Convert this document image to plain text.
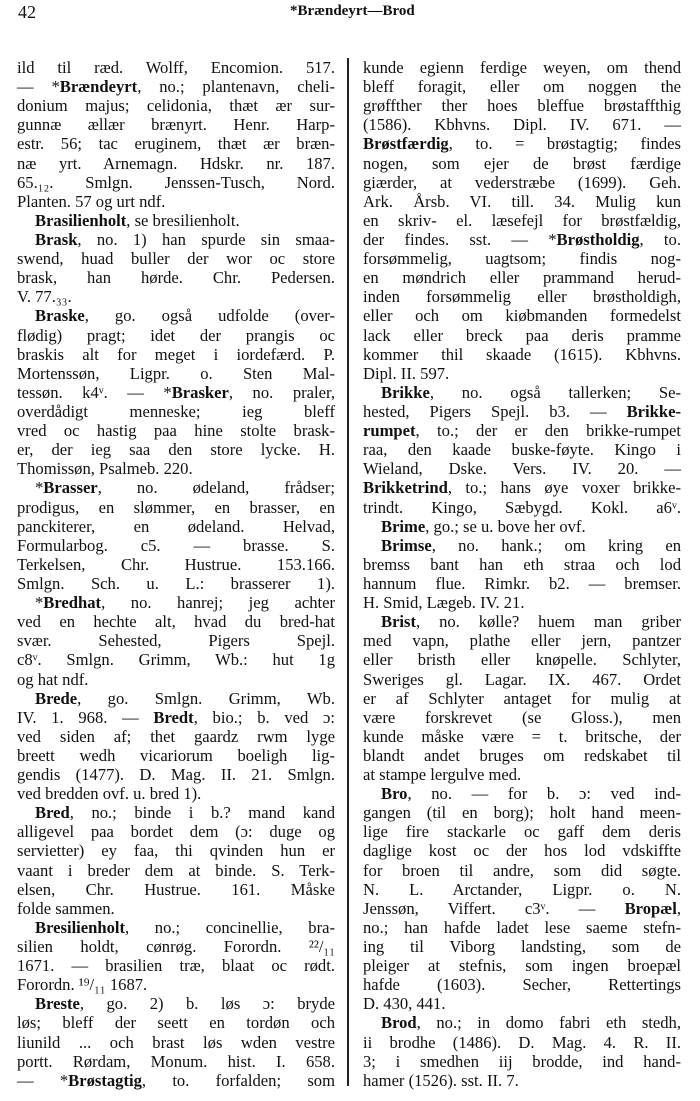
42	*Brændeyrt—Brod
ild til ræd. Wolff, Encomion. 517.
— *Brændeyrt, no.; plantenavn, cheli-
donium majus; celidonia, thæt ær sur-
gunnæ ællær brænyrt. Henr. Harp-
estr. 56; tac eruginem, thæt ær bræn-
næ yrt. Arnemagn. Hdskr. nr. 187.
65.₁₂. Smlgn. Jenssen-Tusch, Nord.
Planten. 57 og urt ndf.
Brasilienholt, se bresilienholt.
Brask, no. 1) han spurde sin smaa-
swend, huad buller der wor oc store
brask, han hørde. Chr. Pedersen.
V. 77.₃₃.
Braske, go. også udfolde (over-
flødig) pragt; idet der prangis oc
braskis alt for meget i iordefærd. P.
Mortenssøn, Ligpr. o. Sten Mal-
tessøn. k4ᵛ. — *Brasker, no. praler,
overdådigt menneske; ieg bleff
vred oc hastig paa hine stolte brask-
er, der ieg saa den store lycke. H.
Thomissøn, Psalmeb. 220.
*Brasser, no. ødeland, frådser;
prodigus, en slømmer, en brasser, en
panckiterer, en ødeland. Helvad,
Formularbog. c5. — brasse. S.
Terkelsen, Chr. Hustrue. 153.166.
Smlgn. Sch. u. L.: brasserer 1).
*Bredhat, no. hanrej; jeg achter
ved en hechte alt, hvad du bred-hat
svær. Sehested, Pigers Spejl.
c8ᵛ. Smlgn. Grimm, Wb.: hut 1g
og hat ndf.
Brede, go. Smlgn. Grimm, Wb.
IV. 1. 968. — Bredt, bio.; b. ved ɔ:
ved siden af; thet gaardz rwm lyge
breett wedh vicariorum boeligh lig-
gendis (1477). D. Mag. II. 21. Smlgn.
ved bredden ovf. u. bred 1).
Bred, no.; binde i b.? mand kand
alligevel paa bordet dem (ɔ: duge og
servietter) ey faa, thi qvinden hun er
vaant i breder dem at binde. S. Terk-
elsen, Chr. Hustrue. 161. Måske
folde sammen.
Bresilienholt, no.; concinellie, bra-
silien holdt, cønrøg. Forordn. ²²/₁₁
1671. — brasilien træ, blaat oc rødt.
Forordn. ¹⁹/₁₁ 1687.
Breste, go. 2) b. løs ɔ: bryde
løs; bleff der seett en tordøn och
liunild ... och brast løs wden vestre
portt. Rørdam, Monum. hist. I. 658.
— *Brøstagtig, to. forfalden; som
kunde egienn ferdige weyen, om thend
bleff foragit, eller om noggen the
grøffther ther hoes bleffue brøstaffthig
(1586). Kbhvns. Dipl. IV. 671. —
Brøstfærdig, to. = brøstagtig; findes
nogen, som ejer de brøst færdige
giærder, at vederstræbe (1699). Geh.
Ark. Årsb. VI. till. 34. Mulig kun
en skriv- el. læsefejl for brøstfældig,
der findes. sst. — *Brøstholdig, to.
forsømmelig, uagtsom; findis nog-
en møndrich eller prammand herud-
inden forsømmelig eller brøstholdigh,
eller och om kiøbmanden formedelst
lack eller breck paa deris pramme
kommer thil skaade (1615). Kbhvns.
Dipl. II. 597.
Brikke, no. også tallerken; Se-
hested, Pigers Spejl. b3. — Brikke-
rumpet, to.; der er den brikke-rumpet
raa, den kaade buske-føyte. Kingo i
Wieland, Dske. Vers. IV. 20. —
Brikketrind, to.; hans øye voxer brikke-
trindt. Kingo, Sæbygd. Kokl. a6ᵛ.
Brime, go.; se u. bove her ovf.
Brimse, no. hank.; om kring en
bremss bant han eth straa och lod
hannum flue. Rimkr. b2. — bremser.
H. Smid, Lægeb. IV. 21.
Brist, no. kølle? huem man griber
med vapn, plathe eller jern, pantzer
eller bristh eller knøpelle. Schlyter,
Sweriges gl. Lagar. IX. 467. Ordet
er af Schlyter antaget for mulig at
være forskrevet (se Gloss.), men
kunde måske være = t. britsche, der
blandt andet bruges om redskabet til
at stampe lergulve med.
Bro, no. — for b. ɔ: ved ind-
gangen (til en borg); holt hand meen-
lige fire stackarle oc gaff dem deris
daglige kost oc der hos lod vdskiffte
for broen til andre, som did søgte.
N. L. Arctander, Ligpr. o. N.
Jenssøn, Viffert. c3ᵛ. — Bropæl,
no.; han hafde ladet lese saeme stefn-
ing til Viborg landsting, som de
pleiger at stefnis, som ingen broepæl
hafde (1603). Secher, Rettertings
D. 430, 441.
Brod, no.; in domo fabri eth stedh,
ii brodhe (1486). D. Mag. 4. R. II.
3; i smedhen iij brodde, ind hand-
hamer (1526). sst. II. 7.
